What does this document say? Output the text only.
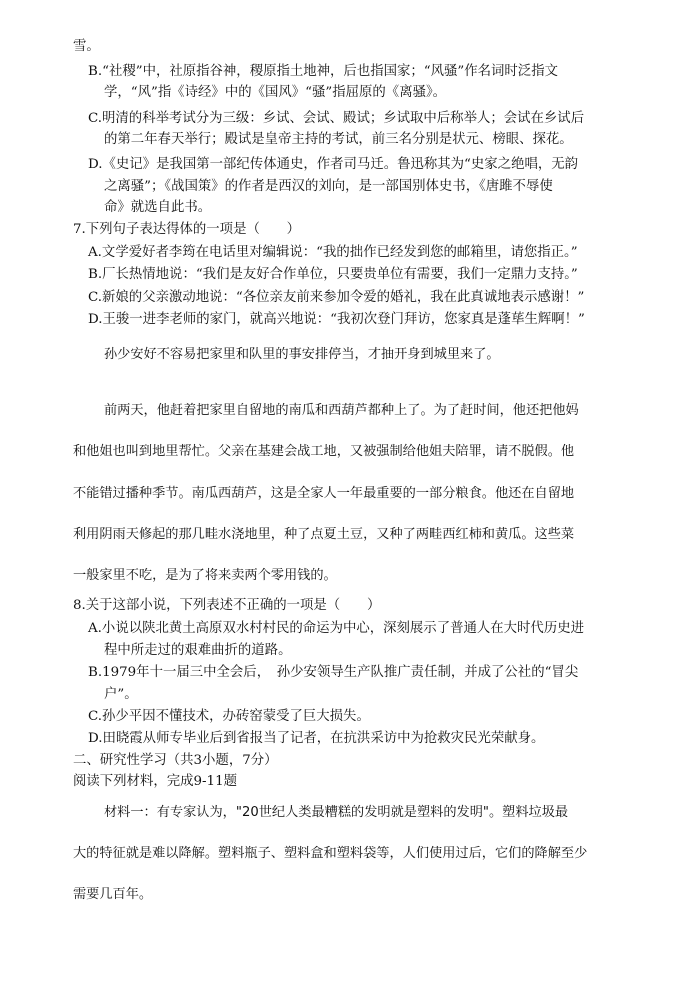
雪。
B.“社稷”中，社原指谷神，稷原指土地神，后也指国家；“风骚”作名词时泛指文
学，“风”指《诗经》中的《国风》“骚”指屈原的《离骚》。
C.明清的科举考试分为三级：乡试、会试、殿试；乡试取中后称举人；会试在乡试后
的第二年春天举行；殿试是皇帝主持的考试，前三名分别是状元、榜眼、探花。
D.《史记》是我国第一部纪传体通史，作者司马迁。鲁迅称其为“史家之绝唱，无韵
之离骚”；《战国策》的作者是西汉的刘向，是一部国别体史书，《唐雎不辱使
命》就选自此书。
7.下列句子表达得体的一项是（　　）
A.文学爱好者李筠在电话里对编辑说：“我的拙作已经发到您的邮箱里，请您指正。”
B.厂长热情地说：“我们是友好合作单位，只要贵单位有需要，我们一定鼎力支持。”
C.新娘的父亲激动地说：“各位亲友前来参加令爱的婚礼，我在此真诚地表示感谢！”
D.王骏一进李老师的家门，就高兴地说：“我初次登门拜访，您家真是蓬荜生辉啊！”
孙少安好不容易把家里和队里的事安排停当，才抽开身到城里来了。
前两天，他赶着把家里自留地的南瓜和西葫芦都种上了。为了赶时间，他还把他妈
和他姐也叫到地里帮忙。父亲在基建会战工地，又被强制给他姐夫陪罪，请不脱假。他
不能错过播种季节。南瓜西葫芦，这是全家人一年最重要的一部分粮食。他还在自留地
利用阴雨天修起的那几畦水浇地里，种了点夏土豆，又种了两畦西红柿和黄瓜。这些菜
一般家里不吃，是为了将来卖两个零用钱的。
8.关于这部小说，下列表述不正确的一项是（　　）
A.小说以陕北黄土高原双水村村民的命运为中心，深刻展示了普通人在大时代历史进
程中所走过的艰难曲折的道路。
B.1979年十一届三中全会后，　孙少安领导生产队推广责任制，并成了公社的“冒尖
户”。
C.孙少平因不懂技术，办砖窑蒙受了巨大损失。
D.田晓霞从师专毕业后到省报当了记者，在抗洪采访中为抢救灾民光荣献身。
二、研究性学习（共3小题，7分）
阅读下列材料，完成9-11题
材料一：有专家认为，"20世纪人类最糟糕的发明就是塑料的发明"。塑料垃圾最
大的特征就是难以降解。塑料瓶子、塑料盒和塑料袋等，人们使用过后，它们的降解至少
需要几百年。
